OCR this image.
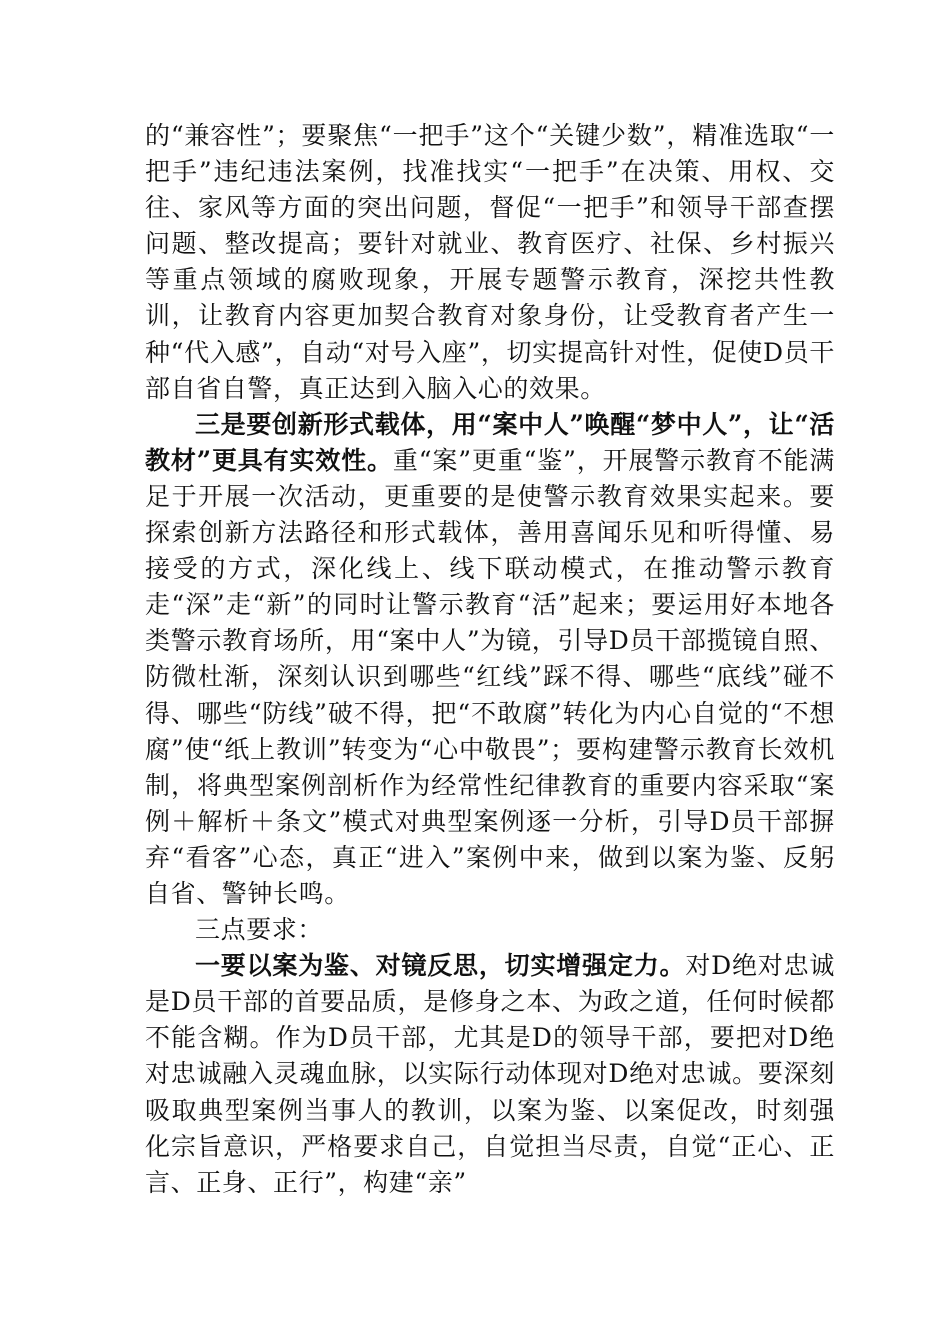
的“兼容性”；要聚焦“一把手”这个“关键少数”，精准选取“一把手”违纪违法案例，找准找实“一把手”在决策、用权、交往、家风等方面的突出问题，督促“一把手”和领导干部查摆问题、整改提高；要针对就业、教育医疗、社保、乡村振兴等重点领域的腐败现象，开展专题警示教育，深挖共性教训，让教育内容更加契合教育对象身份，让受教育者产生一种“代入感”，自动“对号入座”，切实提高针对性，促使D员干部自省自警，真正达到入脑入心的效果。

三是要创新形式载体，用“案中人”唤醒“梦中人”，让“活教材”更具有实效性。重“案”更重“鉴”，开展警示教育不能满足于开展一次活动，更重要的是使警示教育效果实起来。要探索创新方法路径和形式载体，善用喜闻乐见和听得懂、易接受的方式，深化线上、线下联动模式，在推动警示教育走“深”走“新”的同时让警示教育“活”起来；要运用好本地各类警示教育场所，用“案中人”为镜，引导D员干部揽镜自照、防微杜渐，深刻认识到哪些“红线”踩不得、哪些“底线”碰不得、哪些“防线”破不得，把“不敢腐”转化为内心自觉的“不想腐”使“纸上教训”转变为“心中敬畏”；要构建警示教育长效机制，将典型案例剖析作为经常性纪律教育的重要内容采取“案例＋解析＋条文”模式对典型案例逐一分析，引导D员干部摒弃“看客”心态，真正“进入”案例中来，做到以案为鉴、反躬自省、警钟长鸣。

三点要求：

一要以案为鉴、对镜反思，切实增强定力。对D绝对忠诚是D员干部的首要品质，是修身之本、为政之道，任何时候都不能含糊。作为D员干部，尤其是D的领导干部，要把对D绝对忠诚融入灵魂血脉，以实际行动体现对D绝对忠诚。要深刻吸取典型案例当事人的教训，以案为鉴、以案促改，时刻强化宗旨意识，严格要求自己，自觉担当尽责，自觉“正心、正言、正身、正行”，构建“亲”
